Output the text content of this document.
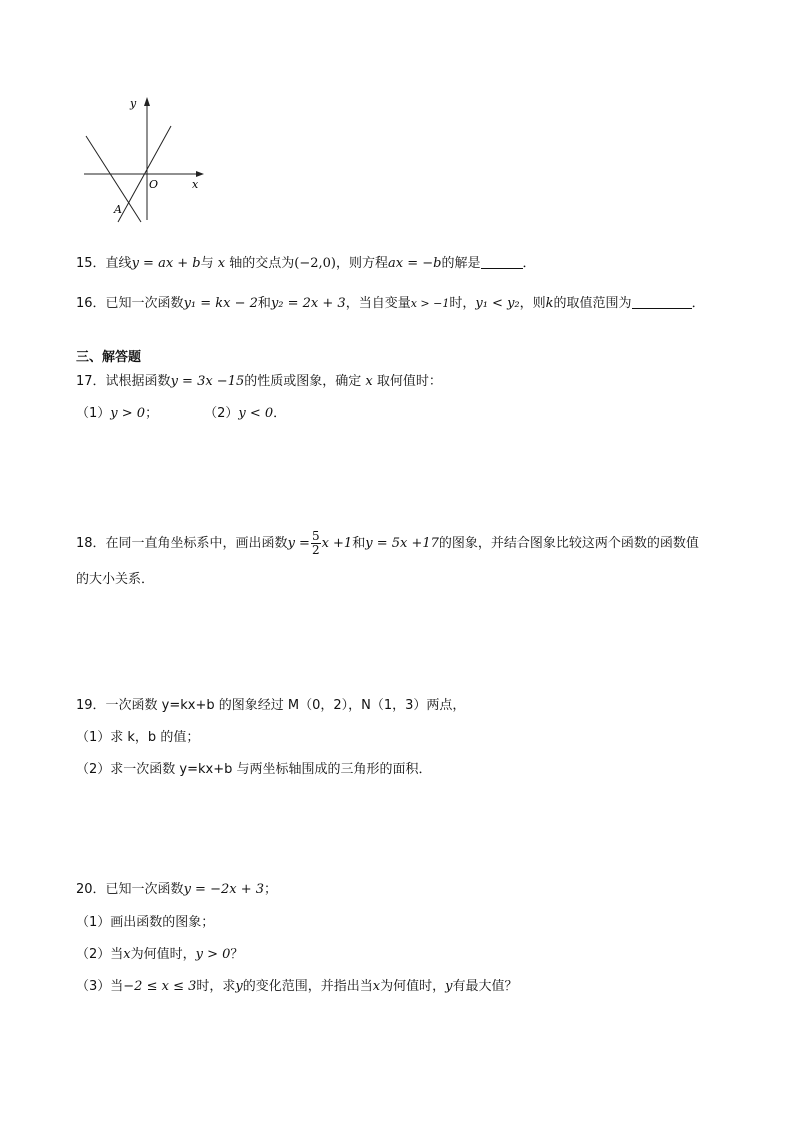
y
x
O
A
15．直线y = ax + b与 x 轴的交点为(−2,0)，则方程ax = −b的解是	．
16．已知一次函数y₁ = kx − 2和y₂ = 2x + 3，当自变量x > −1时，y₁ < y₂，则k的取值范围为	．
三、解答题
17．试根据函数y = 3x −15的性质或图象，确定 x 取何值时：
（1）y > 0；	（2）y < 0．
18．在同一直角坐标系中，画出函数$y = \frac{5}{2}$ x +1和y = 5x +17的图象，并结合图象比较这两个函数的函数值
的大小关系．
19．一次函数 y=kx+b 的图象经过 M（0，2），N（1，3）两点，
（1）求 k，b 的值；
（2）求一次函数 y=kx+b 与两坐标轴围成的三角形的面积．
20．已知一次函数y = −2x + 3；
（1）画出函数的图象；
（2）当x为何值时，y > 0？
（3）当−2 ≤ x ≤ 3时，求y的变化范围，并指出当x为何值时，y有最大值？
